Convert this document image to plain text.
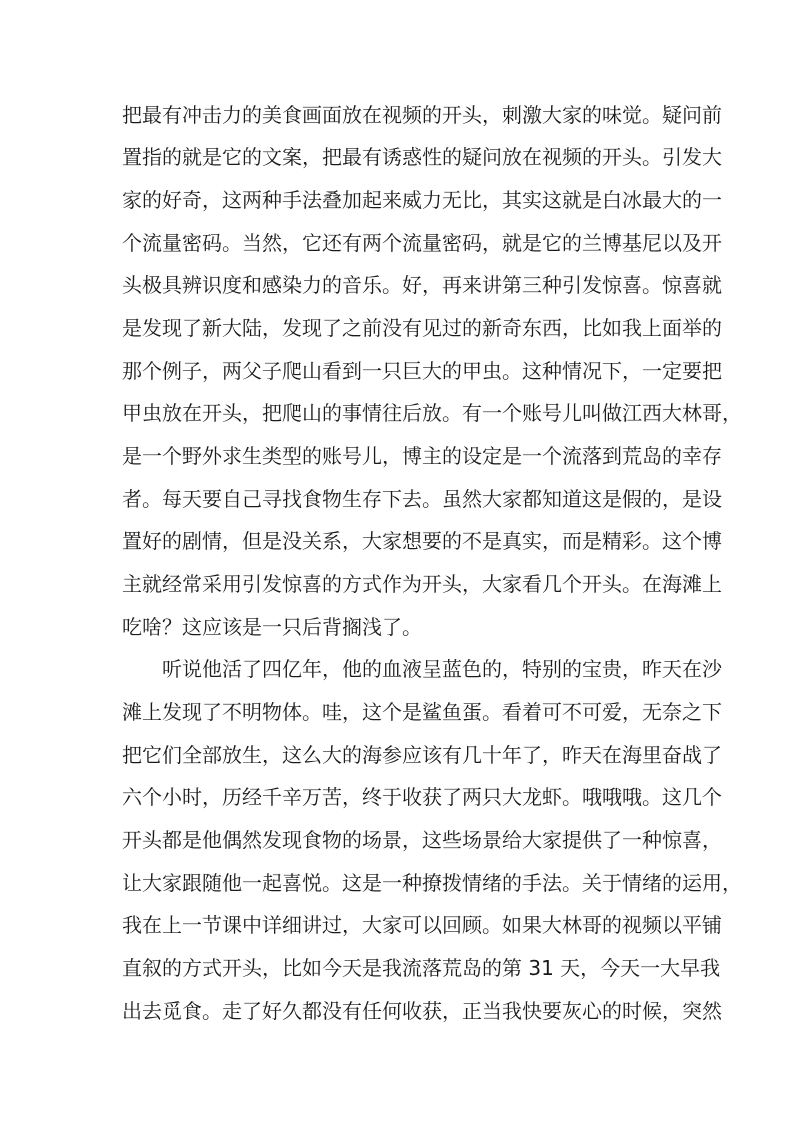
把最有冲击力的美食画面放在视频的开头，刺激大家的味觉。疑问前
置指的就是它的文案，把最有诱惑性的疑问放在视频的开头。引发大
家的好奇，这两种手法叠加起来威力无比，其实这就是白冰最大的一
个流量密码。当然，它还有两个流量密码，就是它的兰博基尼以及开
头极具辨识度和感染力的音乐。好，再来讲第三种引发惊喜。惊喜就
是发现了新大陆，发现了之前没有见过的新奇东西，比如我上面举的
那个例子，两父子爬山看到一只巨大的甲虫。这种情况下，一定要把
甲虫放在开头，把爬山的事情往后放。有一个账号儿叫做江西大林哥，
是一个野外求生类型的账号儿，博主的设定是一个流落到荒岛的幸存
者。每天要自己寻找食物生存下去。虽然大家都知道这是假的，是设
置好的剧情，但是没关系，大家想要的不是真实，而是精彩。这个博
主就经常采用引发惊喜的方式作为开头，大家看几个开头。在海滩上
吃啥？这应该是一只后背搁浅了。
听说他活了四亿年，他的血液呈蓝色的，特别的宝贵，昨天在沙
滩上发现了不明物体。哇，这个是鲨鱼蛋。看着可不可爱，无奈之下
把它们全部放生，这么大的海参应该有几十年了，昨天在海里奋战了
六个小时，历经千辛万苦，终于收获了两只大龙虾。哦哦哦。这几个
开头都是他偶然发现食物的场景，这些场景给大家提供了一种惊喜，
让大家跟随他一起喜悦。这是一种撩拨情绪的手法。关于情绪的运用，
我在上一节课中详细讲过，大家可以回顾。如果大林哥的视频以平铺
直叙的方式开头，比如今天是我流落荒岛的第 31 天，今天一大早我
出去觅食。走了好久都没有任何收获，正当我快要灰心的时候，突然
